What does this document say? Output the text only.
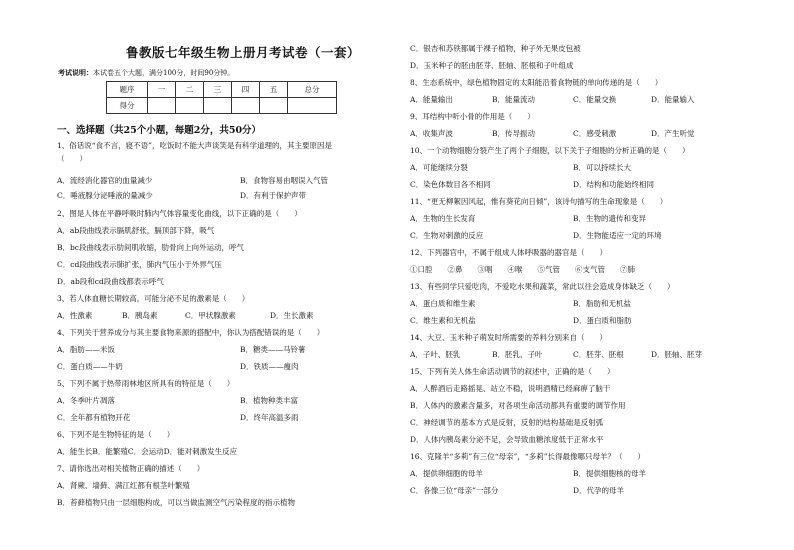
鲁教版七年级生物上册月考试卷（一套）
考试说明：本试卷五个大题，满分100分，时间90分钟。
题序	一	二	三	四	五	总分
得分						
一、选择题（共25个小题，每题2分，共50分）
1、俗话说“食不言，寝不语”，吃饭时不能大声谈笑是有科学道理的，其主要原因是
（　　）
A．流经消化器官的血量减少	B．食物容易由咽误入气管
C．唾液腺分泌唾液的量减少	D．有利于保护声带
2、图是人体在平静呼吸时肺内气体容量变化曲线，以下正确的是（　　）
A．ab段曲线表示膈肌舒张，膈顶部下降，吸气
B．bc段曲线表示肋间肌收缩，肋骨向上向外运动，呼气
C．cd段曲线表示肺扩张，肺内气压小于外界气压
D．ab段和cd段曲线都表示呼气
3、若人体血糖长期较高，可能分泌不足的激素是（　　）
A．性激素	B．胰岛素	C．甲状腺激素	D．生长激素
4、下列关于营养成分与其主要食物来源的搭配中，你认为搭配错误的是（　　）
A．脂肪——米饭	B．糖类——马铃薯
C．蛋白质——牛奶	D．铁质——瘦肉
5、下列不属于热带雨林地区所具有的特征是（　　）
A．冬季叶片凋落	B．植物种类丰富
C．全年都有植物开花	D．终年高温多雨
6、下列不是生物特征的是（　　）
A．能生长B．能繁殖C．会运动D．能对刺激发生反应
7、请你选出对相关植物正确的描述（　　）
A．肾蕨、墙藓、满江红都有根茎叶繁殖
B．苔藓植物只由一层细胞构成，可以当做监测空气污染程度的指示植物
C．银杏和苏铁都属于裸子植物，种子外无果皮包被
D．玉米种子的胚由胚芽、胚轴、胚根和子叶组成
8、生态系统中，绿色植物固定的太阳能沿着食物链的单向传递的是（　　）
A．能量输出	B．能量流动	C．能量交换	D．能量输入
9、耳结构中听小骨的作用是（　　）
A．收集声波	B．传导振动	C．感受刺激	D．产生听觉
10、一个动物细胞分裂产生了两个子细胞，以下关于子细胞的分析正确的是（　　）
A．可能继续分裂	B．可以持续长大
C．染色体数目各不相同	D．结构和功能始终相同
11、“更无柳絮因风起，惟有葵花向日倾”，该诗句描写的生命现象是（　　）
A．生物的生长发育	B．生物的遗传和变异
C．生物对刺激的反应	D．生物能适应一定的环境
12、下列器官中，不属于组成人体呼吸器的器官是（　　）
①口腔　　②鼻　　③咽　　④喉　　⑤气管　　⑥支气管　　⑦肺
13、有些同学只爱吃肉，不爱吃水果和蔬菜，常此以往会造成身体缺乏（　　）
A．蛋白质和维生素	B．脂肪和无机盐
C．维生素和无机盐	D．蛋白质和脂肪
14、大豆、玉米种子萌发时所需要的养料分别来自（　　）
A．子叶、胚乳	B．胚乳、子叶	C．胚芽、胚根	D．胚轴、胚芽
15、下列有关人体生命活动调节的叙述中，正确的是（　　）
A．人醉酒后走路摇晃、站立不稳，说明酒精已经麻痹了脑干
B．人体内的激素含量多，对各项生命活动都具有重要的调节作用
C．神经调节的基本方式是反射，反射的结构基础是反射弧
D．人体内胰岛素分泌不足，会导致血糖浓度低于正常水平
16、克隆羊“多莉”有三位“母亲”，“多莉”长得最像哪只母羊？（　　）
A．提供卵细胞的母羊	B．提供细胞核的母羊
C．各像三位“母亲”一部分	D．代孕的母羊
